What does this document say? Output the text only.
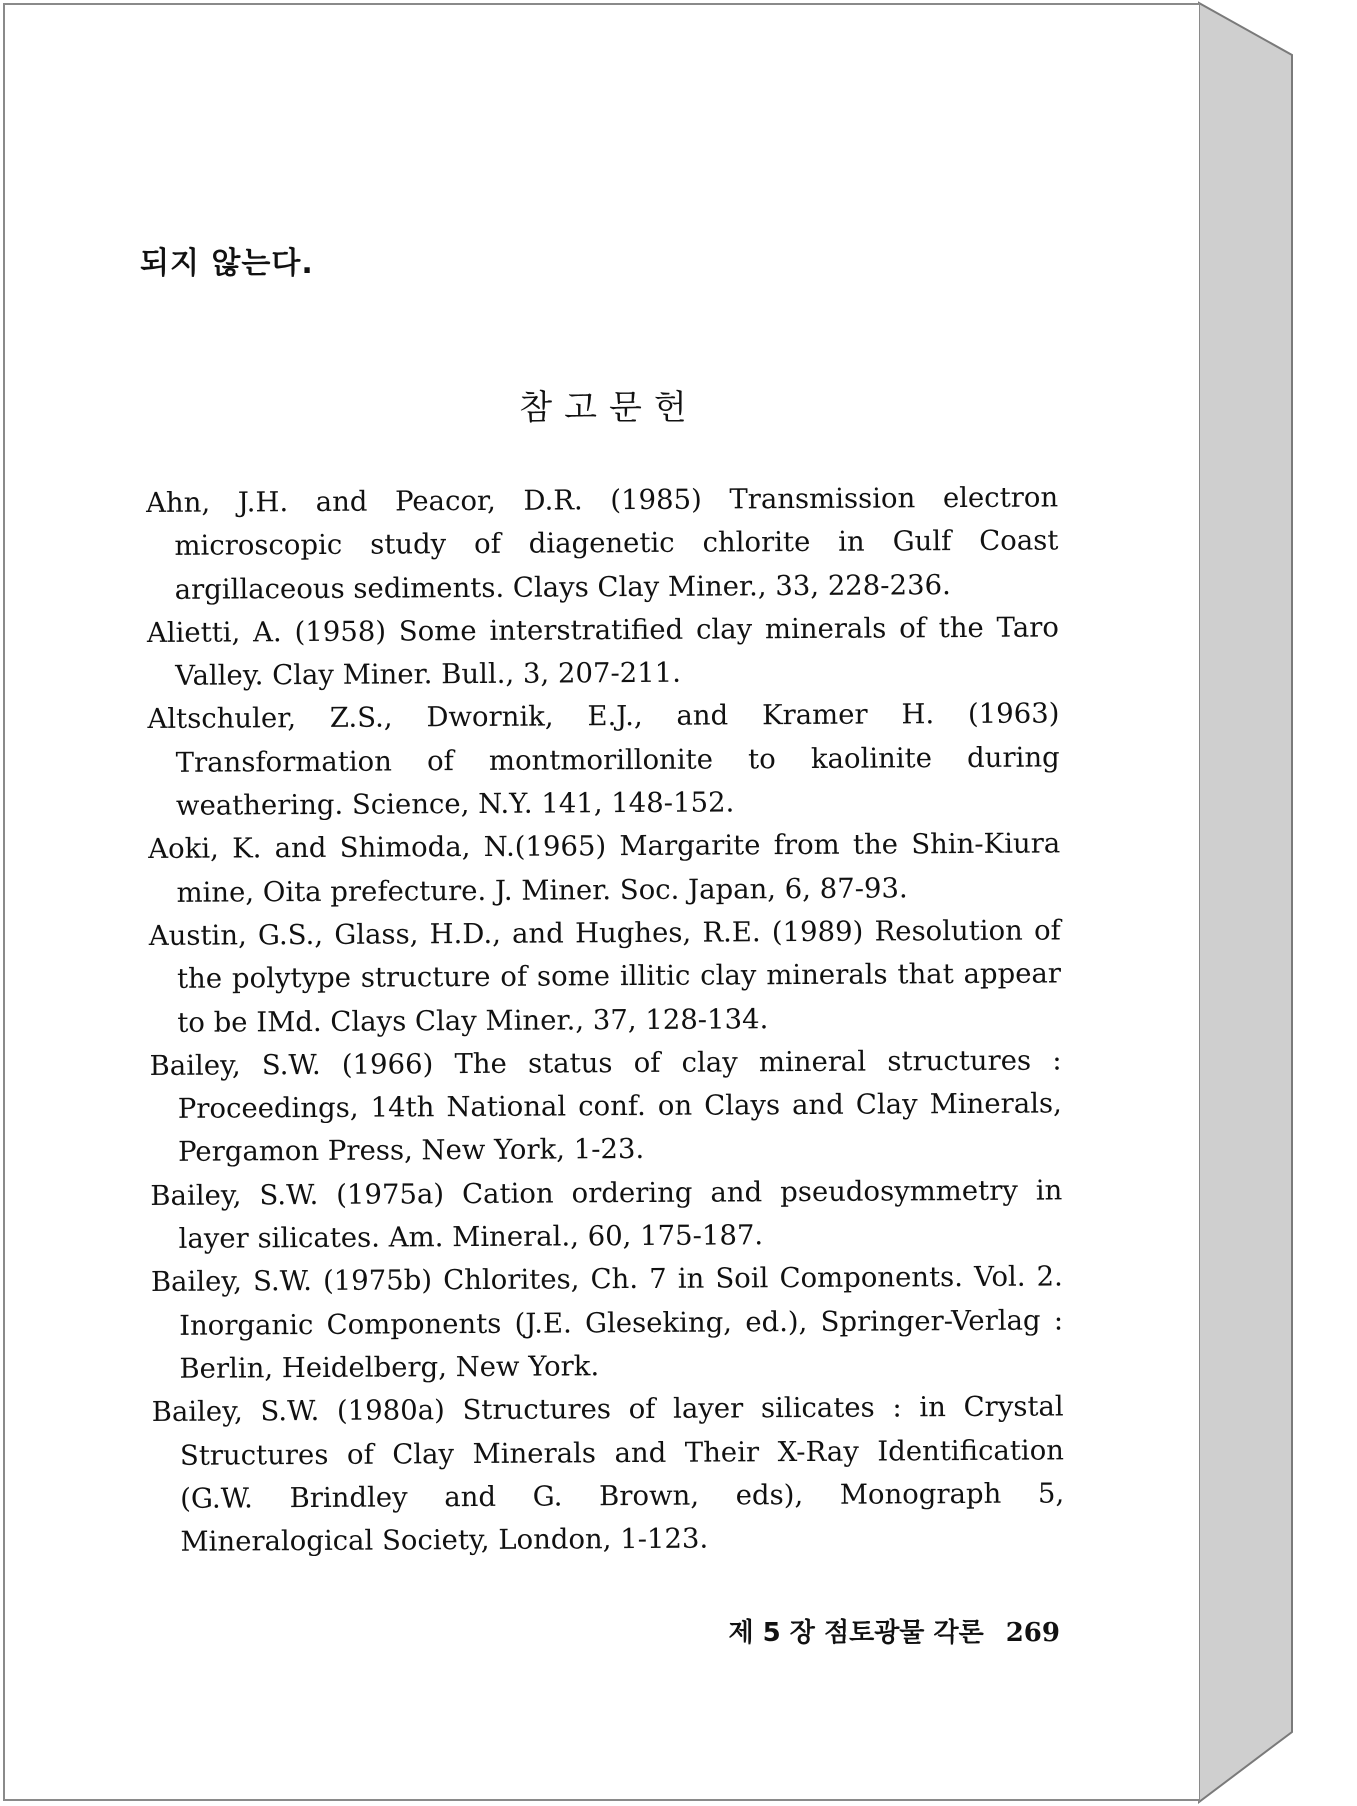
되지 않는다.
참고문헌
Ahn, J.H. and Peacor, D.R. (1985) Transmission electron microscopic study of diagenetic chlorite in Gulf Coast argillaceous sediments. Clays Clay Miner., 33, 228-236.
Alietti, A. (1958) Some interstratified clay minerals of the Taro Valley. Clay Miner. Bull., 3, 207-211.
Altschuler, Z.S., Dwornik, E.J., and Kramer H. (1963) Transformation of montmorillonite to kaolinite during weathering. Science, N.Y. 141, 148-152.
Aoki, K. and Shimoda, N.(1965) Margarite from the Shin-Kiura mine, Oita prefecture. J. Miner. Soc. Japan, 6, 87-93.
Austin, G.S., Glass, H.D., and Hughes, R.E. (1989) Resolution of the polytype structure of some illitic clay minerals that appear to be IMd. Clays Clay Miner., 37, 128-134.
Bailey, S.W. (1966) The status of clay mineral structures : Proceedings, 14th National conf. on Clays and Clay Minerals, Pergamon Press, New York, 1-23.
Bailey, S.W. (1975a) Cation ordering and pseudosymmetry in layer silicates. Am. Mineral., 60, 175-187.
Bailey, S.W. (1975b) Chlorites, Ch. 7 in Soil Components. Vol. 2. Inorganic Components (J.E. Gleseking, ed.), Springer-Verlag : Berlin, Heidelberg, New York.
Bailey, S.W. (1980a) Structures of layer silicates : in Crystal Structures of Clay Minerals and Their X-Ray Identification (G.W. Brindley and G. Brown, eds), Monograph 5, Mineralogical Society, London, 1-123.
제 5 장 점토광물 각론 269
